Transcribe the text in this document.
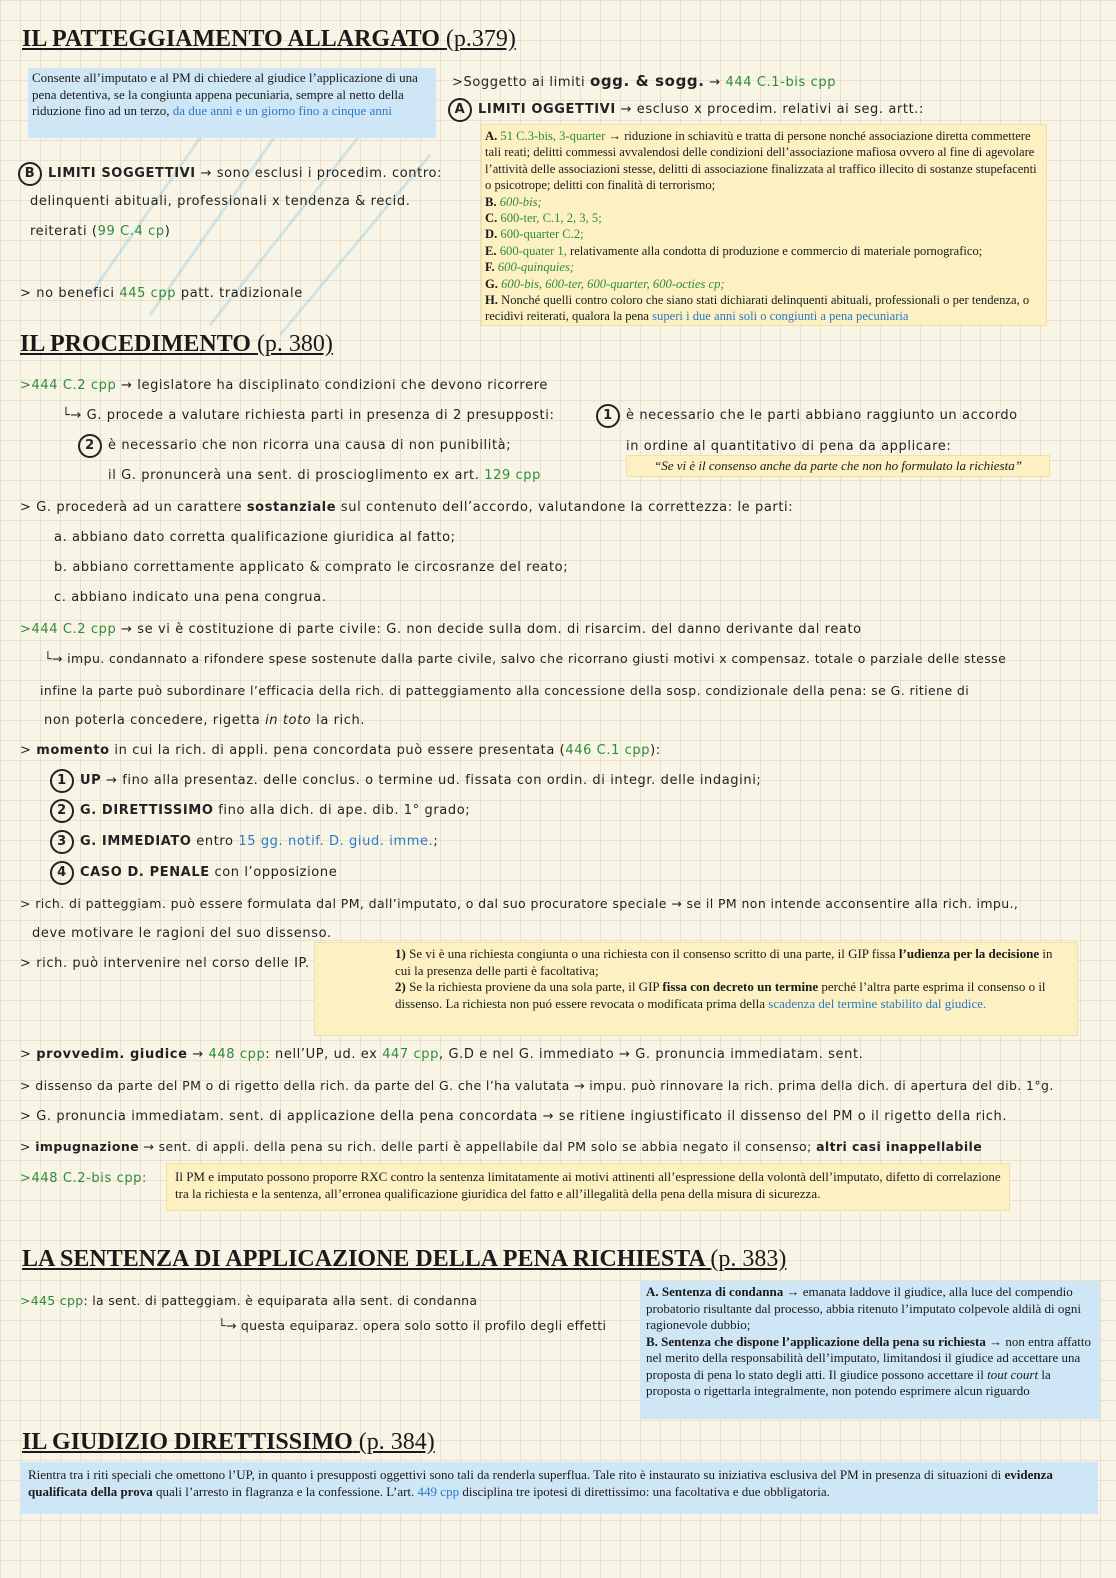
IL PATTEGGIAMENTO ALLARGATO (p.379)
Consente all’imputato e al PM di chiedere al giudice l’applicazione di una pena detentiva, se la congiunta appena pecuniaria, sempre al netto della riduzione fino ad un terzo, da due anni e un giorno fino a cinque anni
>Soggetto ai limiti ogg. & sogg. → 444 C.1-bis cpp
A LIMITI OGGETTIVI → escluso x procedim. relativi ai seg. artt.:
A. 51 C.3-bis, 3-quarter → riduzione in schiavitù e tratta di persone nonché associazione diretta commettere tali reati; delitti commessi avvalendosi delle condizioni dell’associazione mafiosa ovvero al fine di agevolare l’attività delle associazioni stesse, delitti di associazione finalizzata al traffico illecito di sostanze stupefacenti o psicotrope; delitti con finalità di terrorismo;
B. 600-bis;
C. 600-ter, C.1, 2, 3, 5;
D. 600-quarter C.2;
E. 600-quater 1, relativamente alla condotta di produzione e commercio di materiale pornografico;
F. 600-quinquies;
G. 600-bis, 600-ter, 600-quarter, 600-octies cp;
H. Nonché quelli contro coloro che siano stati dichiarati delinquenti abituali, professionali o per tendenza, o recidivi reiterati, qualora la pena superi i due anni soli o congiunti a pena pecuniaria
B LIMITI SOGGETTIVI → sono esclusi i procedim. contro:
delinquenti abituali, professionali x tendenza & recid.
reiterati (99 C.4 cp)
> no benefici 445 cpp patt. tradizionale
IL PROCEDIMENTO (p. 380)
>444 C.2 cpp → legislatore ha disciplinato condizioni che devono ricorrere
└→ G. procede a valutare richiesta parti in presenza di 2 presupposti:	1 è necessario che le parti abbiano raggiunto un accordo
2 è necessario che non ricorra una causa di non punibilità;	in ordine al quantitativo di pena da applicare:
il G. pronuncerà una sent. di proscioglimento ex art. 129 cpp
“Se vi è il consenso anche da parte che non ho formulato la richiesta”
> G. procederà ad un carattere sostanziale sul contenuto dell’accordo, valutandone la correttezza: le parti:
a. abbiano dato corretta qualificazione giuridica al fatto;
b. abbiano correttamente applicato & comprato le circosranze del reato;
c. abbiano indicato una pena congrua.
>444 C.2 cpp → se vi è costituzione di parte civile: G. non decide sulla dom. di risarcim. del danno derivante dal reato
└→ impu. condannato a rifondere spese sostenute dalla parte civile, salvo che ricorrano giusti motivi x compensaz. totale o parziale delle stesse
infine la parte può subordinare l’efficacia della rich. di patteggiamento alla concessione della sosp. condizionale della pena: se G. ritiene di
non poterla concedere, rigetta in toto la rich.
> momento in cui la rich. di appli. pena concordata può essere presentata (446 C.1 cpp):
1 UP → fino alla presentaz. delle conclus. o termine ud. fissata con ordin. di integr. delle indagini;
2 G. DIRETTISSIMO fino alla dich. di ape. dib. 1° grado;
3 G. IMMEDIATO entro 15 gg. notif. D. giud. imme.;
4 CASO D. PENALE con l’opposizione
> rich. di patteggiam. può essere formulata dal PM, dall’imputato, o dal suo procuratore speciale → se il PM non intende acconsentire alla rich. impu.,
deve motivare le ragioni del suo dissenso.
> rich. può intervenire nel corso delle IP.
1) Se vi è una richiesta congiunta o una richiesta con il consenso scritto di una parte, il GIP fissa l’udienza per la decisione in cui la presenza delle parti è facoltativa;
2) Se la richiesta proviene da una sola parte, il GIP fissa con decreto un termine perché l’altra parte esprima il consenso o il dissenso. La richiesta non puó essere revocata o modificata prima della scadenza del termine stabilito dal giudice.
> provvedim. giudice → 448 cpp: nell’UP, ud. ex 447 cpp, G.D e nel G. immediato → G. pronuncia immediatam. sent.
> dissenso da parte del PM o di rigetto della rich. da parte del G. che l’ha valutata → impu. può rinnovare la rich. prima della dich. di apertura del dib. 1°g.
> G. pronuncia immediatam. sent. di applicazione della pena concordata → se ritiene ingiustificato il dissenso del PM o il rigetto della rich.
> impugnazione → sent. di appli. della pena su rich. delle parti è appellabile dal PM solo se abbia negato il consenso; altri casi inappellabile
>448 C.2-bis cpp:	Il PM e imputato possono proporre RXC contro la sentenza limitatamente ai motivi attinenti all’espressione della volontà dell’imputato, difetto di correlazione tra la richiesta e la sentenza, all’erronea qualificazione giuridica del fatto e all’illegalità della pena della misura di sicurezza.
LA SENTENZA DI APPLICAZIONE DELLA PENA RICHIESTA (p. 383)
>445 cpp: la sent. di patteggiam. è equiparata alla sent. di condanna
└→ questa equiparaz. opera solo sotto il profilo degli effetti
A. Sentenza di condanna → emanata laddove il giudice, alla luce del compendio probatorio risultante dal processo, abbia ritenuto l’imputato colpevole aldilà di ogni ragionevole dubbio;
B. Sentenza che dispone l’applicazione della pena su richiesta → non entra affatto nel merito della responsabilità dell’imputato, limitandosi il giudice ad accettare una proposta di pena lo stato degli atti. Il giudice possono accettare il tout court la proposta o rigettarla integralmente, non potendo esprimere alcun riguardo
IL GIUDIZIO DIRETTISSIMO (p. 384)
Rientra tra i riti speciali che omettono l’UP, in quanto i presupposti oggettivi sono tali da renderla superflua. Tale rito è instaurato su iniziativa esclusiva del PM in presenza di situazioni di evidenza qualificata della prova quali l’arresto in flagranza e la confessione. L’art. 449 cpp disciplina tre ipotesi di direttissimo: una facoltativa e due obbligatoria.
